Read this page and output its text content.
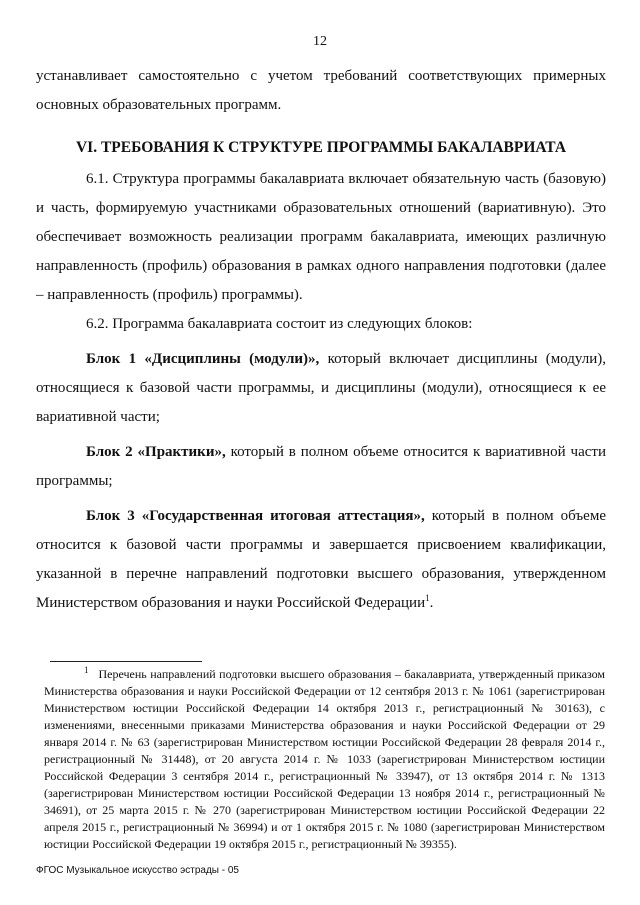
12

устанавливает самостоятельно с учетом требований соответствующих примерных основных образовательных программ.

VI. ТРЕБОВАНИЯ К СТРУКТУРЕ ПРОГРАММЫ БАКАЛАВРИАТА

6.1. Структура программы бакалавриата включает обязательную часть (базовую) и часть, формируемую участниками образовательных отношений (вариативную). Это обеспечивает возможность реализации программ бакалавриата, имеющих различную направленность (профиль) образования в рамках одного направления подготовки (далее – направленность (профиль) программы).

6.2. Программа бакалавриата состоит из следующих блоков:

Блок 1 «Дисциплины (модули)», который включает дисциплины (модули), относящиеся к базовой части программы, и дисциплины (модули), относящиеся к ее вариативной части;

Блок 2 «Практики», который в полном объеме относится к вариативной части программы;

Блок 3 «Государственная итоговая аттестация», который в полном объеме относится к базовой части программы и завершается присвоением квалификации, указанной в перечне направлений подготовки высшего образования, утвержденном Министерством образования и науки Российской Федерации$^1$.

$^1$ Перечень направлений подготовки высшего образования – бакалавриата, утвержденный приказом Министерства образования и науки Российской Федерации от 12 сентября 2013 г. № 1061 (зарегистрирован Министерством юстиции Российской Федерации 14 октября 2013 г., регистрационный № 30163), с изменениями, внесенными приказами Министерства образования и науки Российской Федерации от 29 января 2014 г. № 63 (зарегистрирован Министерством юстиции Российской Федерации 28 февраля 2014 г., регистрационный № 31448), от 20 августа 2014 г. № 1033 (зарегистрирован Министерством юстиции Российской Федерации 3 сентября 2014 г., регистрационный № 33947), от 13 октября 2014 г. № 1313 (зарегистрирован Министерством юстиции Российской Федерации 13 ноября 2014 г., регистрационный № 34691), от 25 марта 2015 г. № 270 (зарегистрирован Министерством юстиции Российской Федерации 22 апреля 2015 г., регистрационный № 36994) и от 1 октября 2015 г. № 1080 (зарегистрирован Министерством юстиции Российской Федерации 19 октября 2015 г., регистрационный № 39355).
ФГОС Музыкальное искусство эстрады - 05
